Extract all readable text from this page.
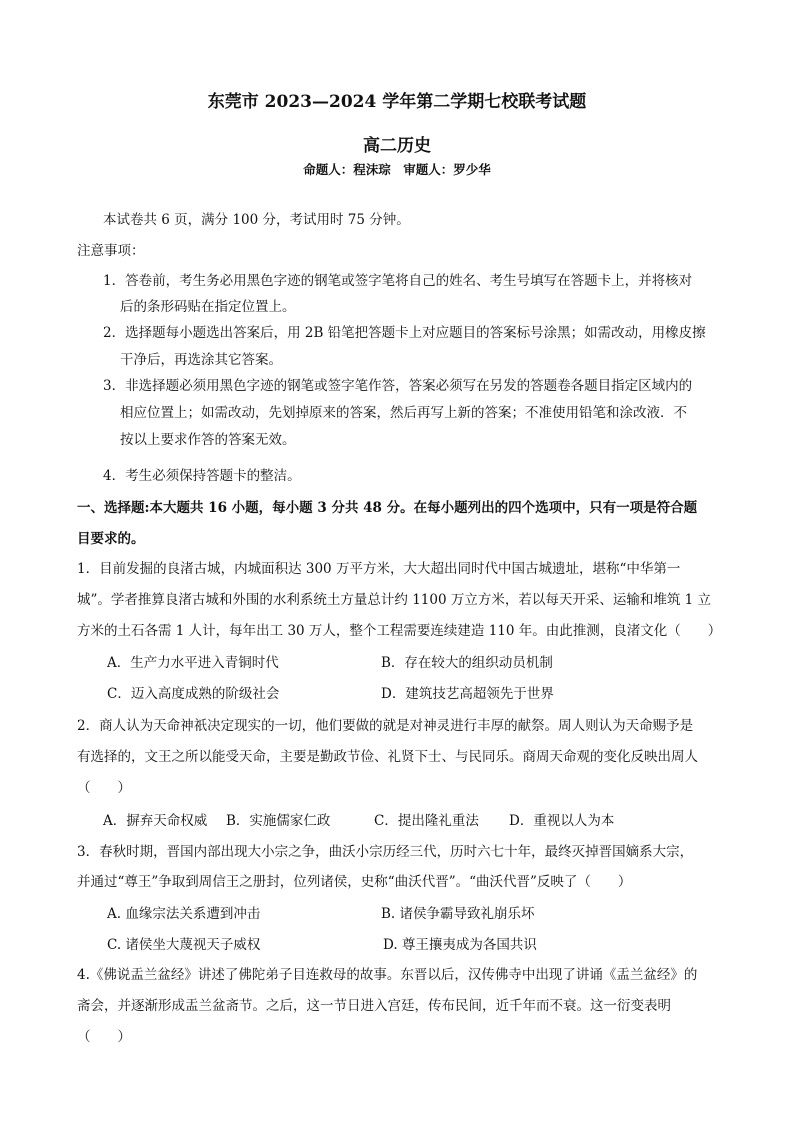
东莞市 2023—2024 学年第二学期七校联考试题
高二历史
命题人：程沫琮　审题人：罗少华
本试卷共 6 页，满分 100 分，考试用时 75 分钟。
注意事项：
1．答卷前，考生务必用黑色字迹的钢笔或签字笔将自己的姓名、考生号填写在答题卡上，并将核对
后的条形码贴在指定位置上。
2．选择题每小题选出答案后，用 2B 铅笔把答题卡上对应题目的答案标号涂黑；如需改动，用橡皮擦
干净后，再选涂其它答案。
3．非选择题必须用黑色字迹的钢笔或签字笔作答，答案必须写在另发的答题卷各题目指定区域内的
相应位置上；如需改动，先划掉原来的答案，然后再写上新的答案；不准使用铅笔和涂改液．不
按以上要求作答的答案无效。
4．考生必须保持答题卡的整洁。
一、选择题:本大题共 16 小题，每小题 3 分共 48 分。在每小题列出的四个选项中，只有一项是符合题
目要求的。
1．目前发掘的良渚古城，内城面积达 300 万平方米，大大超出同时代中国古城遗址，堪称“中华第一
城”。学者推算良渚古城和外围的水利系统土方量总计约 1100 万立方米，若以每天开采、运输和堆筑 1 立
方米的土石各需 1 人计，每年出工 30 万人，整个工程需要连续建造 110 年。由此推测，良渚文化（　　）
A．生产力水平进入青铜时代	B．存在较大的组织动员机制
C．迈入高度成熟的阶级社会	D．建筑技艺高超领先于世界
2．商人认为天命神祇决定现实的一切，他们要做的就是对神灵进行丰厚的献祭。周人则认为天命赐予是
有选择的，文王之所以能受天命，主要是勤政节俭、礼贤下士、与民同乐。商周天命观的变化反映出周人
（　　）
A．摒弃天命权威 B．实施儒家仁政	C．提出隆礼重法 D．重视以人为本
3．春秋时期，晋国内部出现大小宗之争，曲沃小宗历经三代，历时六七十年，最终灭掉晋国嫡系大宗，
并通过“尊王”争取到周信王之册封，位列诸侯，史称“曲沃代晋”。“曲沃代晋”反映了（　　）
A. 血缘宗法关系遭到冲击	B. 诸侯争霸导致礼崩乐坏
C. 诸侯坐大蔑视天子威权	D. 尊王攘夷成为各国共识
4.《佛说盂兰盆经》讲述了佛陀弟子目连救母的故事。东晋以后，汉传佛寺中出现了讲诵《盂兰盆经》的
斋会，并逐渐形成盂兰盆斋节。之后，这一节日进入宫廷，传布民间，近千年而不衰。这一衍变表明
（　　）
